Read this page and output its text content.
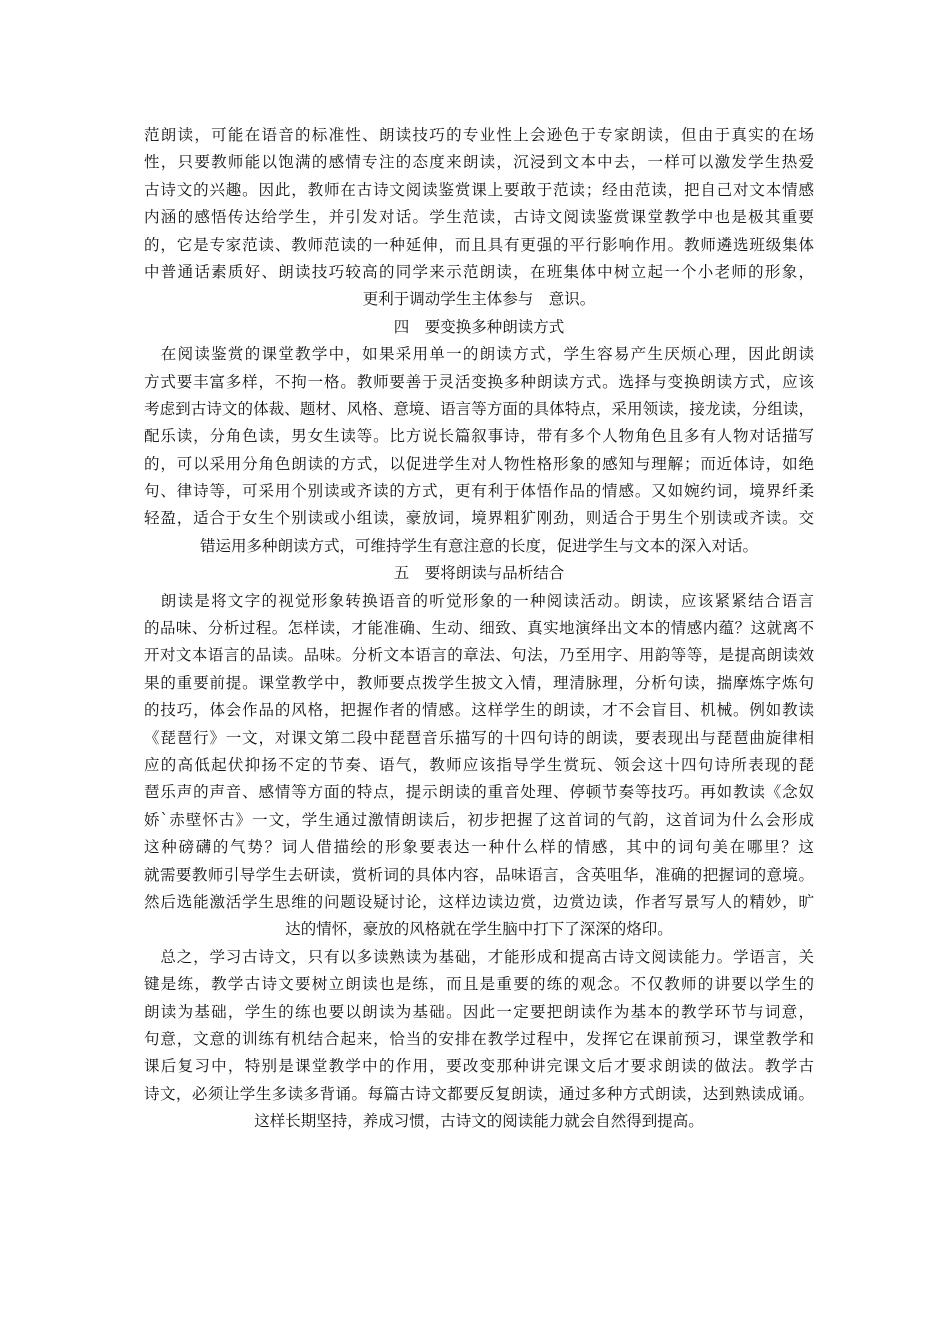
范朗读，可能在语音的标准性、朗读技巧的专业性上会逊色于专家朗读，但由于真实的在场
性，只要教师能以饱满的感情专注的态度来朗读，沉浸到文本中去，一样可以激发学生热爱
古诗文的兴趣。因此，教师在古诗文阅读鉴赏课上要敢于范读；经由范读，把自己对文本情感
内涵的感悟传达给学生，并引发对话。学生范读，古诗文阅读鉴赏课堂教学中也是极其重要
的，它是专家范读、教师范读的一种延伸，而且具有更强的平行影响作用。教师遴选班级集体
中普通话素质好、朗读技巧较高的同学来示范朗读，在班集体中树立起一个小老师的形象，
更利于调动学生主体参与　意识。
四　要变换多种朗读方式
　在阅读鉴赏的课堂教学中，如果采用单一的朗读方式，学生容易产生厌烦心理，因此朗读
方式要丰富多样，不拘一格。教师要善于灵活变换多种朗读方式。选择与变换朗读方式，应该
考虑到古诗文的体裁、题材、风格、意境、语言等方面的具体特点，采用领读，接龙读，分组读，
配乐读，分角色读，男女生读等。比方说长篇叙事诗，带有多个人物角色且多有人物对话描写
的，可以采用分角色朗读的方式，以促进学生对人物性格形象的感知与理解；而近体诗，如绝
句、律诗等，可采用个别读或齐读的方式，更有利于体悟作品的情感。又如婉约词，境界纤柔
轻盈，适合于女生个别读或小组读，豪放词，境界粗犷刚劲，则适合于男生个别读或齐读。交
错运用多种朗读方式，可维持学生有意注意的长度，促进学生与文本的深入对话。
五　要将朗读与品析结合
　朗读是将文字的视觉形象转换语音的听觉形象的一种阅读活动。朗读，应该紧紧结合语言
的品味、分析过程。怎样读，才能准确、生动、细致、真实地演绎出文本的情感内蕴？这就离不
开对文本语言的品读。品味。分析文本语言的章法、句法，乃至用字、用韵等等，是提高朗读效
果的重要前提。课堂教学中，教师要点拨学生披文入情，理清脉理，分析句读，揣摩炼字炼句
的技巧，体会作品的风格，把握作者的情感。这样学生的朗读，才不会盲目、机械。例如教读
《琵琶行》一文，对课文第二段中琵琶音乐描写的十四句诗的朗读，要表现出与琵琶曲旋律相
应的高低起伏抑扬不定的节奏、语气，教师应该指导学生赏玩、领会这十四句诗所表现的琵
琶乐声的声音、感情等方面的特点，提示朗读的重音处理、停顿节奏等技巧。再如教读《念奴
娇`赤壁怀古》一文，学生通过激情朗读后，初步把握了这首词的气韵，这首词为什么会形成
这种磅礴的气势？词人借描绘的形象要表达一种什么样的情感，其中的词句美在哪里？这
就需要教师引导学生去研读，赏析词的具体内容，品味语言，含英咀华，准确的把握词的意境。
然后选能激活学生思维的问题设疑讨论，这样边读边赏，边赏边读，作者写景写人的精妙，旷
达的情怀，豪放的风格就在学生脑中打下了深深的烙印。
　总之，学习古诗文，只有以多读熟读为基础，才能形成和提高古诗文阅读能力。学语言，关
键是练，教学古诗文要树立朗读也是练，而且是重要的练的观念。不仅教师的讲要以学生的
朗读为基础，学生的练也要以朗读为基础。因此一定要把朗读作为基本的教学环节与词意，
句意，文意的训练有机结合起来，恰当的安排在教学过程中，发挥它在课前预习，课堂教学和
课后复习中，特别是课堂教学中的作用，要改变那种讲完课文后才要求朗读的做法。教学古
诗文，必须让学生多读多背诵。每篇古诗文都要反复朗读，通过多种方式朗读，达到熟读成诵。
这样长期坚持，养成习惯，古诗文的阅读能力就会自然得到提高。
